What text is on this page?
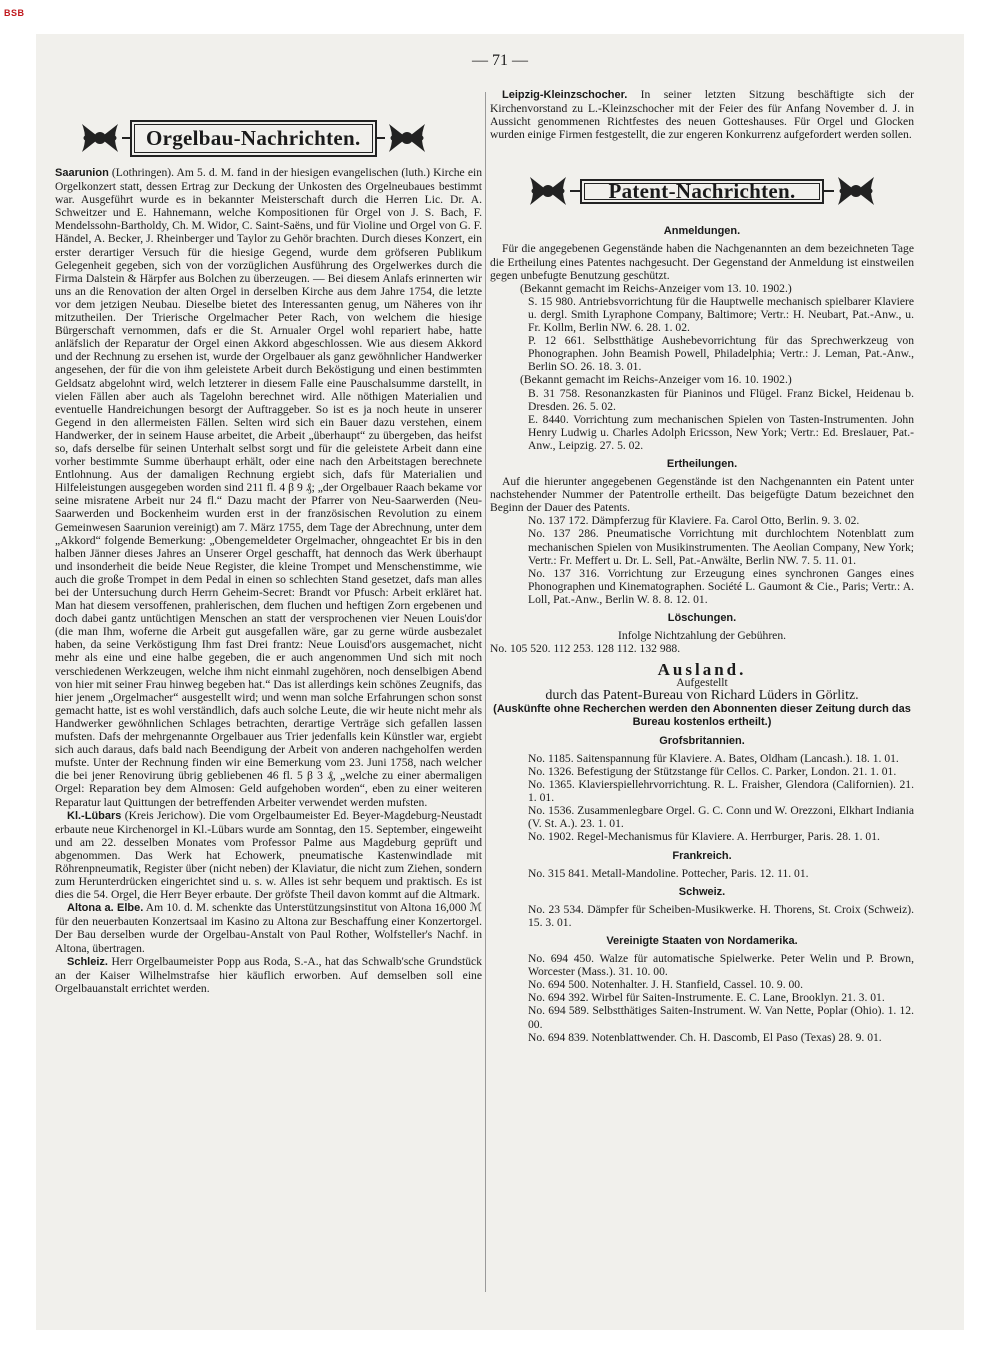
BSB
— 71 —
Orgelbau-Nachrichten.

Saarunion (Lothringen). Am 5. d. M. fand in der hiesigen evangelischen (luth.) Kirche ein Orgelkonzert statt, dessen Ertrag zur Deckung der Unkosten des Orgelneubaues bestimmt war. Ausgeführt wurde es in bekannter Meisterschaft durch die Herren Lic. Dr. A. Schweitzer und E. Hahnemann, welche Kompositionen für Orgel von J. S. Bach, F. Mendelssohn-Bartholdy, Ch. M. Widor, C. Saint-Saëns, und für Violine und Orgel von G. F. Händel, A. Becker, J. Rheinberger und Taylor zu Gehör brachten. Durch dieses Konzert, ein erster derartiger Versuch für die hiesige Gegend, wurde dem gröfseren Publikum Gelegenheit gegeben, sich von der vorzüglichen Ausführung des Orgelwerkes durch die Firma Dalstein & Härpfer aus Bolchen zu überzeugen. — Bei diesem Anlafs erinnerten wir uns an die Renovation der alten Orgel in derselben Kirche aus dem Jahre 1754, die letzte vor dem jetzigen Neubau. Dieselbe bietet des Interessanten genug, um Näheres von ihr mitzutheilen. Der Trierische Orgelmacher Peter Rach, von welchem die hiesige Bürgerschaft vernommen, dafs er die St. Arnualer Orgel wohl repariert habe, hatte anläfslich der Reparatur der Orgel einen Akkord abgeschlossen. Wie aus diesem Akkord und der Rechnung zu ersehen ist, wurde der Orgelbauer als ganz gewöhnlicher Handwerker angesehen, der für die von ihm geleistete Arbeit durch Beköstigung und einen bestimmten Geldsatz abgelohnt wird, welch letzterer in diesem Falle eine Pauschalsumme darstellt, in vielen Fällen aber auch als Tagelohn berechnet wird. Alle nöthigen Materialien und eventuelle Handreichungen besorgt der Auftraggeber. So ist es ja noch heute in unserer Gegend in den allermeisten Fällen. Selten wird sich ein Bauer dazu verstehen, einem Handwerker, der in seinem Hause arbeitet, die Arbeit „überhaupt“ zu übergeben, das heifst so, dafs derselbe für seinen Unterhalt selbst sorgt und für die geleistete Arbeit dann eine vorher bestimmte Summe überhaupt erhält, oder eine nach den Arbeitstagen berechnete Entlohnung. Aus der damaligen Rechnung ergiebt sich, dafs für Materialien und Hilfeleistungen ausgegeben worden sind 211 fl. 4 β 9 ₰; „der Orgelbauer Raach bekame vor seine misratene Arbeit nur 24 fl.“ Dazu macht der Pfarrer von Neu-Saarwerden (Neu-Saarwerden und Bockenheim wurden erst in der französischen Revolution zu einem Gemeinwesen Saarunion vereinigt) am 7. März 1755, dem Tage der Abrechnung, unter dem „Akkord“ folgende Bemerkung: „Obengemeldeter Orgelmacher, ohngeachtet Er bis in den halben Jänner dieses Jahres an Unserer Orgel geschafft, hat dennoch das Werk überhaupt und insonderheit die beide Neue Register, die kleine Trompet und Menschenstimme, wie auch die große Trompet in dem Pedal in einen so schlechten Stand gesetzet, dafs man alles bei der Untersuchung durch Herrn Geheim-Secret: Brandt vor Pfusch: Arbeit erkläret hat. Man hat diesem versoffenen, prahlerischen, dem fluchen und heftigen Zorn ergebenen und doch dabei gantz untüchtigen Menschen an statt der versprochenen vier Neuen Louis'dor (die man Ihm, woferne die Arbeit gut ausgefallen wäre, gar zu gerne würde ausbezalet haben, da seine Verköstigung Ihm fast Drei frantz: Neue Louisd'ors ausgemachet, nicht mehr als eine und eine halbe gegeben, die er auch angenommen Und sich mit noch verschiedenen Werkzeugen, welche ihm nicht einmahl zugehören, noch denselbigen Abend von hier mit seiner Frau hinweg begeben hat.“ Das ist allerdings kein schönes Zeugnifs, das hier jenem „Orgelmacher“ ausgestellt wird; und wenn man solche Erfahrungen schon sonst gemacht hatte, ist es wohl verständlich, dafs auch solche Leute, die wir heute nicht mehr als Handwerker gewöhnlichen Schlages betrachten, derartige Verträge sich gefallen lassen mufsten. Dafs der mehrgenannte Orgelbauer aus Trier jedenfalls kein Künstler war, ergiebt sich auch daraus, dafs bald nach Beendigung der Arbeit von anderen nachgeholfen werden mufste. Unter der Rechnung finden wir eine Bemerkung vom 23. Juni 1758, nach welcher die bei jener Renovirung übrig gebliebenen 46 fl. 5 β 3 ₰, „welche zu einer abermaligen Orgel: Reparation bey dem Almosen: Geld aufgehoben worden“, eben zu einer weiteren Reparatur laut Quittungen der betreffenden Arbeiter verwendet werden mufsten.

Kl.-Lübars (Kreis Jerichow). Die vom Orgelbaumeister Ed. Beyer-Magdeburg-Neustadt erbaute neue Kirchenorgel in Kl.-Lübars wurde am Sonntag, den 15. September, eingeweiht und am 22. desselben Monates vom Professor Palme aus Magdeburg geprüft und abgenommen. Das Werk hat Echowerk, pneumatische Kastenwindlade mit Röhrenpneumatik, Register über (nicht neben) der Klaviatur, die nicht zum Ziehen, sondern zum Herunterdrücken eingerichtet sind u. s. w. Alles ist sehr bequem und praktisch. Es ist dies die 54. Orgel, die Herr Beyer erbaute. Der gröfste Theil davon kommt auf die Altmark.

Altona a. Elbe. Am 10. d. M. schenkte das Unterstützungsinstitut von Altona 16,000 ℳ für den neuerbauten Konzertsaal im Kasino zu Altona zur Beschaffung einer Konzertorgel. Der Bau derselben wurde der Orgelbau-Anstalt von Paul Rother, Wolfsteller's Nachf. in Altona, übertragen.

Schleiz. Herr Orgelbaumeister Popp aus Roda, S.-A., hat das Schwalb'sche Grundstück an der Kaiser Wilhelmstrafse hier käuflich erworben. Auf demselben soll eine Orgelbauanstalt errichtet werden.

Leipzig-Kleinzschocher. In seiner letzten Sitzung beschäftigte sich der Kirchenvorstand zu L.-Kleinzschocher mit der Feier des für Anfang November d. J. in Aussicht genommenen Richtfestes des neuen Gotteshauses. Für Orgel und Glocken wurden einige Firmen festgestellt, die zur engeren Konkurrenz aufgefordert werden sollen.

Patent-Nachrichten.
Anmeldungen.

Für die angegebenen Gegenstände haben die Nachgenannten an dem bezeichneten Tage die Ertheilung eines Patentes nachgesucht. Der Gegenstand der Anmeldung ist einstweilen gegen unbefugte Benutzung geschützt.

(Bekannt gemacht im Reichs-Anzeiger vom 13. 10. 1902.)

S. 15 980. Antriebsvorrichtung für die Hauptwelle mechanisch spielbarer Klaviere u. dergl. Smith Lyraphone Company, Baltimore; Vertr.: H. Neubart, Pat.-Anw., u. Fr. Kollm, Berlin NW. 6. 28. 1. 02.

P. 12 661. Selbstthätige Aushebevorrichtung für das Sprechwerkzeug von Phonographen. John Beamish Powell, Philadelphia; Vertr.: J. Leman, Pat.-Anw., Berlin SO. 26. 18. 3. 01.

(Bekannt gemacht im Reichs-Anzeiger vom 16. 10. 1902.)

B. 31 758. Resonanzkasten für Pianinos und Flügel. Franz Bickel, Heidenau b. Dresden. 26. 5. 02.

E. 8440. Vorrichtung zum mechanischen Spielen von Tasten-Instrumenten. John Henry Ludwig u. Charles Adolph Ericsson, New York; Vertr.: Ed. Breslauer, Pat.-Anw., Leipzig. 27. 5. 02.

Ertheilungen.

Auf die hierunter angegebenen Gegenstände ist den Nachgenannten ein Patent unter nachstehender Nummer der Patentrolle ertheilt. Das beigefügte Datum bezeichnet den Beginn der Dauer des Patents.

No. 137 172. Dämpferzug für Klaviere. Fa. Carol Otto, Berlin. 9. 3. 02.

No. 137 286. Pneumatische Vorrichtung mit durchlochtem Notenblatt zum mechanischen Spielen von Musikinstrumenten. The Aeolian Company, New York; Vertr.: Fr. Meffert u. Dr. L. Sell, Pat.-Anwälte, Berlin NW. 7. 5. 11. 01.

No. 137 316. Vorrichtung zur Erzeugung eines synchronen Ganges eines Phonographen und Kinematographen. Société L. Gaumont & Cie., Paris; Vertr.: A. Loll, Pat.-Anw., Berlin W. 8. 8. 12. 01.

Löschungen.

Infolge Nichtzahlung der Gebühren.

No. 105 520. 112 253. 128 112. 132 988.

Ausland.

Aufgestellt

durch das Patent-Bureau von Richard Lüders in Görlitz.

(Auskünfte ohne Recherchen werden den Abonnenten dieser Zeitung durch das Bureau kostenlos ertheilt.)

Grofsbritannien.

No. 1185. Saitenspannung für Klaviere. A. Bates, Oldham (Lancash.). 18. 1. 01.

No. 1326. Befestigung der Stützstange für Cellos. C. Parker, London. 21. 1. 01.

No. 1365. Klavierspiellehrvorrichtung. R. L. Fraisher, Glendora (Californien). 21. 1. 01.

No. 1536. Zusammenlegbare Orgel. G. C. Conn und W. Orezzoni, Elkhart Indiania (V. St. A.). 23. 1. 01.

No. 1902. Regel-Mechanismus für Klaviere. A. Herrburger, Paris. 28. 1. 01.

Frankreich.

No. 315 841. Metall-Mandoline. Pottecher, Paris. 12. 11. 01.

Schweiz.

No. 23 534. Dämpfer für Scheiben-Musikwerke. H. Thorens, St. Croix (Schweiz). 15. 3. 01.

Vereinigte Staaten von Nordamerika.

No. 694 450. Walze für automatische Spielwerke. Peter Welin und P. Brown, Worcester (Mass.). 31. 10. 00.

No. 694 500. Notenhalter. J. H. Stanfield, Cassel. 10. 9. 00.

No. 694 392. Wirbel für Saiten-Instrumente. E. C. Lane, Brooklyn. 21. 3. 01.

No. 694 589. Selbstthätiges Saiten-Instrument. W. Van Nette, Poplar (Ohio). 1. 12. 00.

No. 694 839. Notenblattwender. Ch. H. Dascomb, El Paso (Texas) 28. 9. 01.
